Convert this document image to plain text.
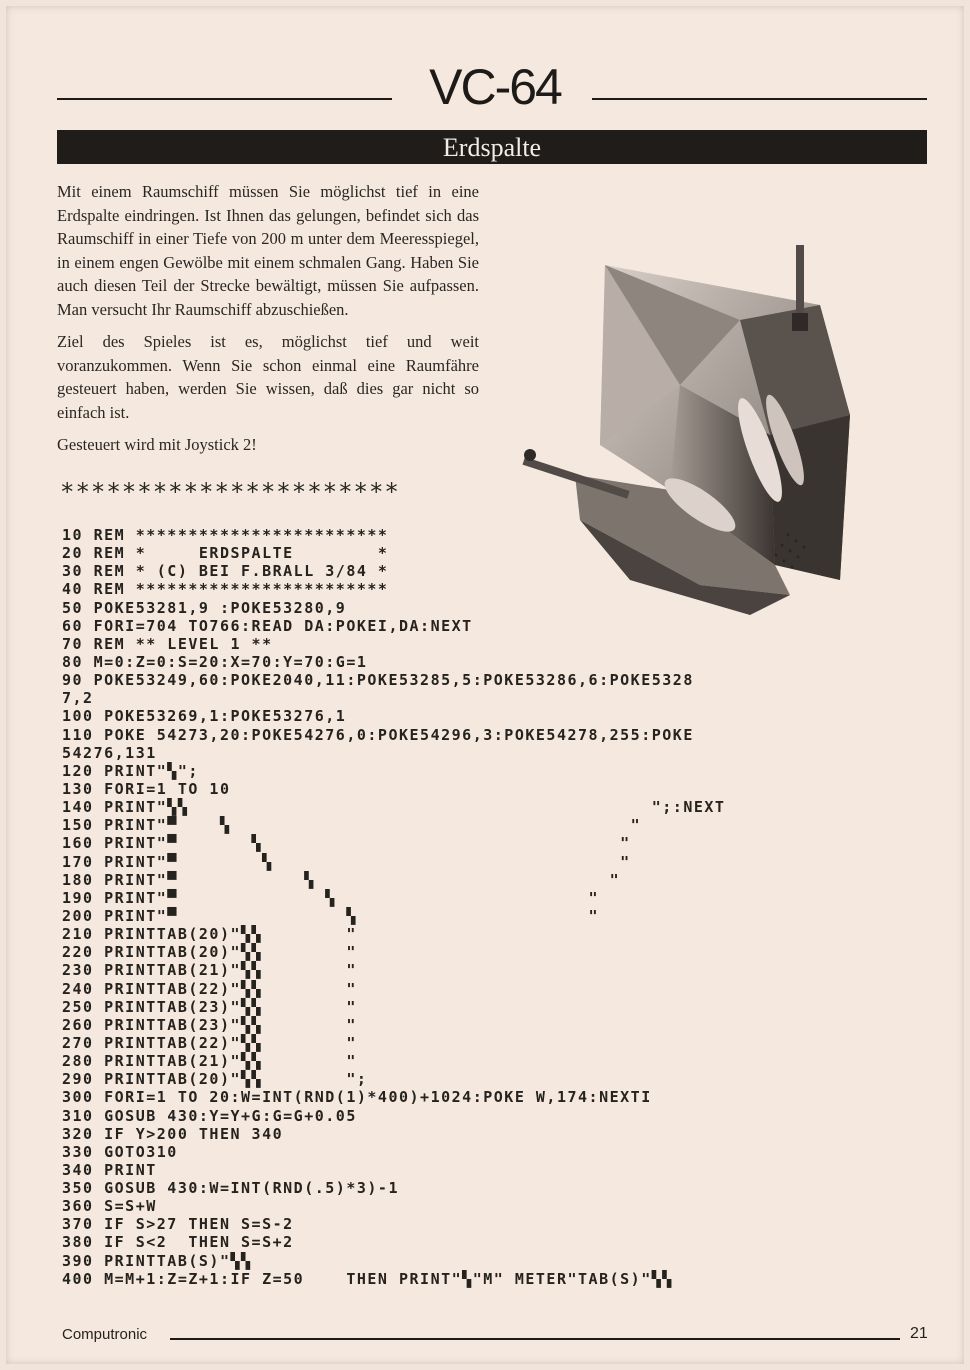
VC-64
Erdspalte

Mit einem Raumschiff müssen Sie möglichst tief in eine Erdspalte eindringen. Ist Ihnen das gelungen, befindet sich das Raumschiff in einer Tiefe von 200 m unter dem Meeresspiegel, in einem engen Gewölbe mit einem schmalen Gang. Haben Sie auch diesen Teil der Strecke bewältigt, müssen Sie aufpassen. Man versucht Ihr Raumschiff abzuschießen.

Ziel des Spieles ist es, möglichst tief und weit voranzukommen. Wenn Sie schon einmal eine Raumfähre gesteuert haben, werden Sie wissen, daß dies gar nicht so einfach ist.

Gesteuert wird mit Joystick 2!

**********************
10 REM ************************
20 REM *     ERDSPALTE        *
30 REM * (C) BEI F.BRALL 3/84 *
40 REM ************************
50 POKE53281,9 :POKE53280,9
60 FORI=704 TO766:READ DA:POKEI,DA:NEXT
70 REM ** LEVEL 1 **
80 M=0:Z=0:S=20:X=70:Y=70:G=1
90 POKE53249,60:POKE2040,11:POKE53285,5:POKE53286,6:POKE5328
7,2
100 POKE53269,1:POKE53276,1
110 POKE 54273,20:POKE54276,0:POKE54296,3:POKE54278,255:POKE
54276,131
120 PRINT"▚";
130 FORI=1 TO 10
140 PRINT"▚▚                                            ";:NEXT
150 PRINT"▀    ▚                                      "
160 PRINT"▀       ▚                                  "
170 PRINT"▀        ▚                                 "
180 PRINT"▀            ▚                            "
190 PRINT"▀              ▚                        "
200 PRINT"▀                ▚                      "
210 PRINTTAB(20)"▚▚        "
220 PRINTTAB(20)"▚▚        "
230 PRINTTAB(21)"▚▚        "
240 PRINTTAB(22)"▚▚        "
250 PRINTTAB(23)"▚▚        "
260 PRINTTAB(23)"▚▚        "
270 PRINTTAB(22)"▚▚        "
280 PRINTTAB(21)"▚▚        "
290 PRINTTAB(20)"▚▚        ";
300 FORI=1 TO 20:W=INT(RND(1)*400)+1024:POKE W,174:NEXTI
310 GOSUB 430:Y=Y+G:G=G+0.05
320 IF Y>200 THEN 340
330 GOTO310
340 PRINT
350 GOSUB 430:W=INT(RND(.5)*3)-1
360 S=S+W
370 IF S>27 THEN S=S-2
380 IF S<2  THEN S=S+2
390 PRINTTAB(S)"▚▚
400 M=M+1:Z=Z+1:IF Z=50    THEN PRINT"▚"M" METER"TAB(S)"▚▚
Computronic	21
